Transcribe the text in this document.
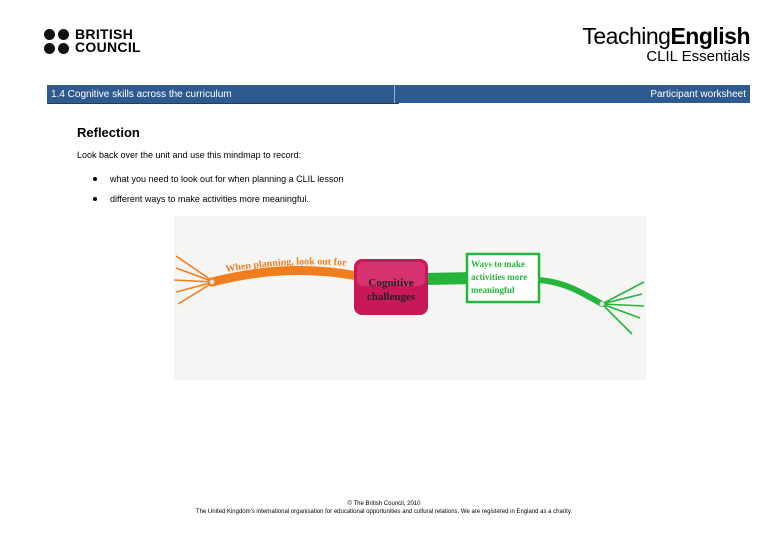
BRITISH
COUNCIL	TeachingEnglish
CLIL Essentials
1.4 Cognitive skills across the curriculum	Participant worksheet
Reflection
Look back over the unit and use this mindmap to record:
what you need to look out for when planning a CLIL lesson
different ways to make activities more meaningful.
When planning, look out for	Ways to make
activities more
meaningful
Cognitive
challenges
© The British Council, 2010
The United Kingdom's international organisation for educational opportunities and cultural relations. We are registered in England as a charity.
